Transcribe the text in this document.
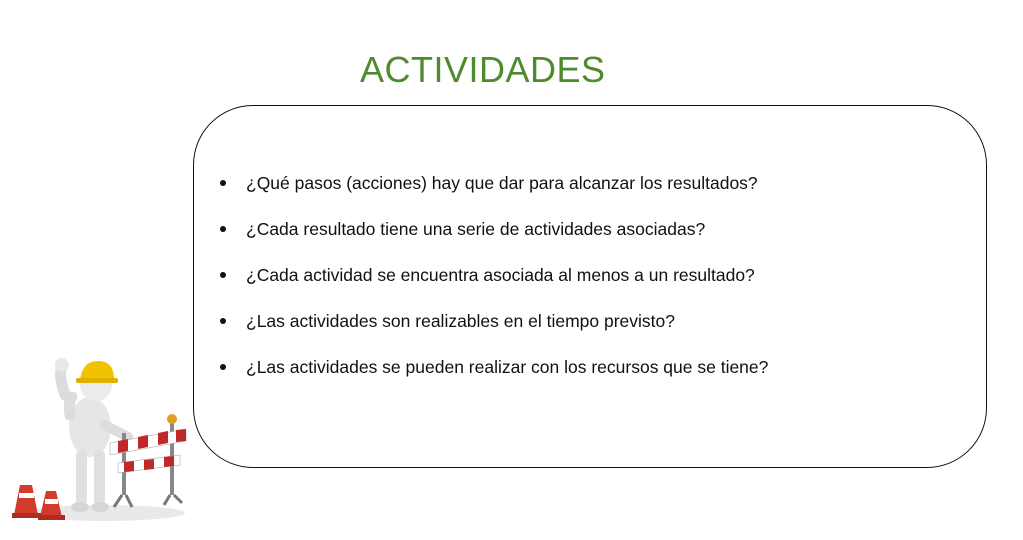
ACTIVIDADES
¿Qué pasos (acciones) hay que dar para alcanzar los resultados?
¿Cada resultado tiene una serie de actividades asociadas?
¿Cada actividad se encuentra asociada al menos a un resultado?
¿Las actividades son realizables en el tiempo previsto?
¿Las actividades se pueden realizar con los recursos que se tiene?
